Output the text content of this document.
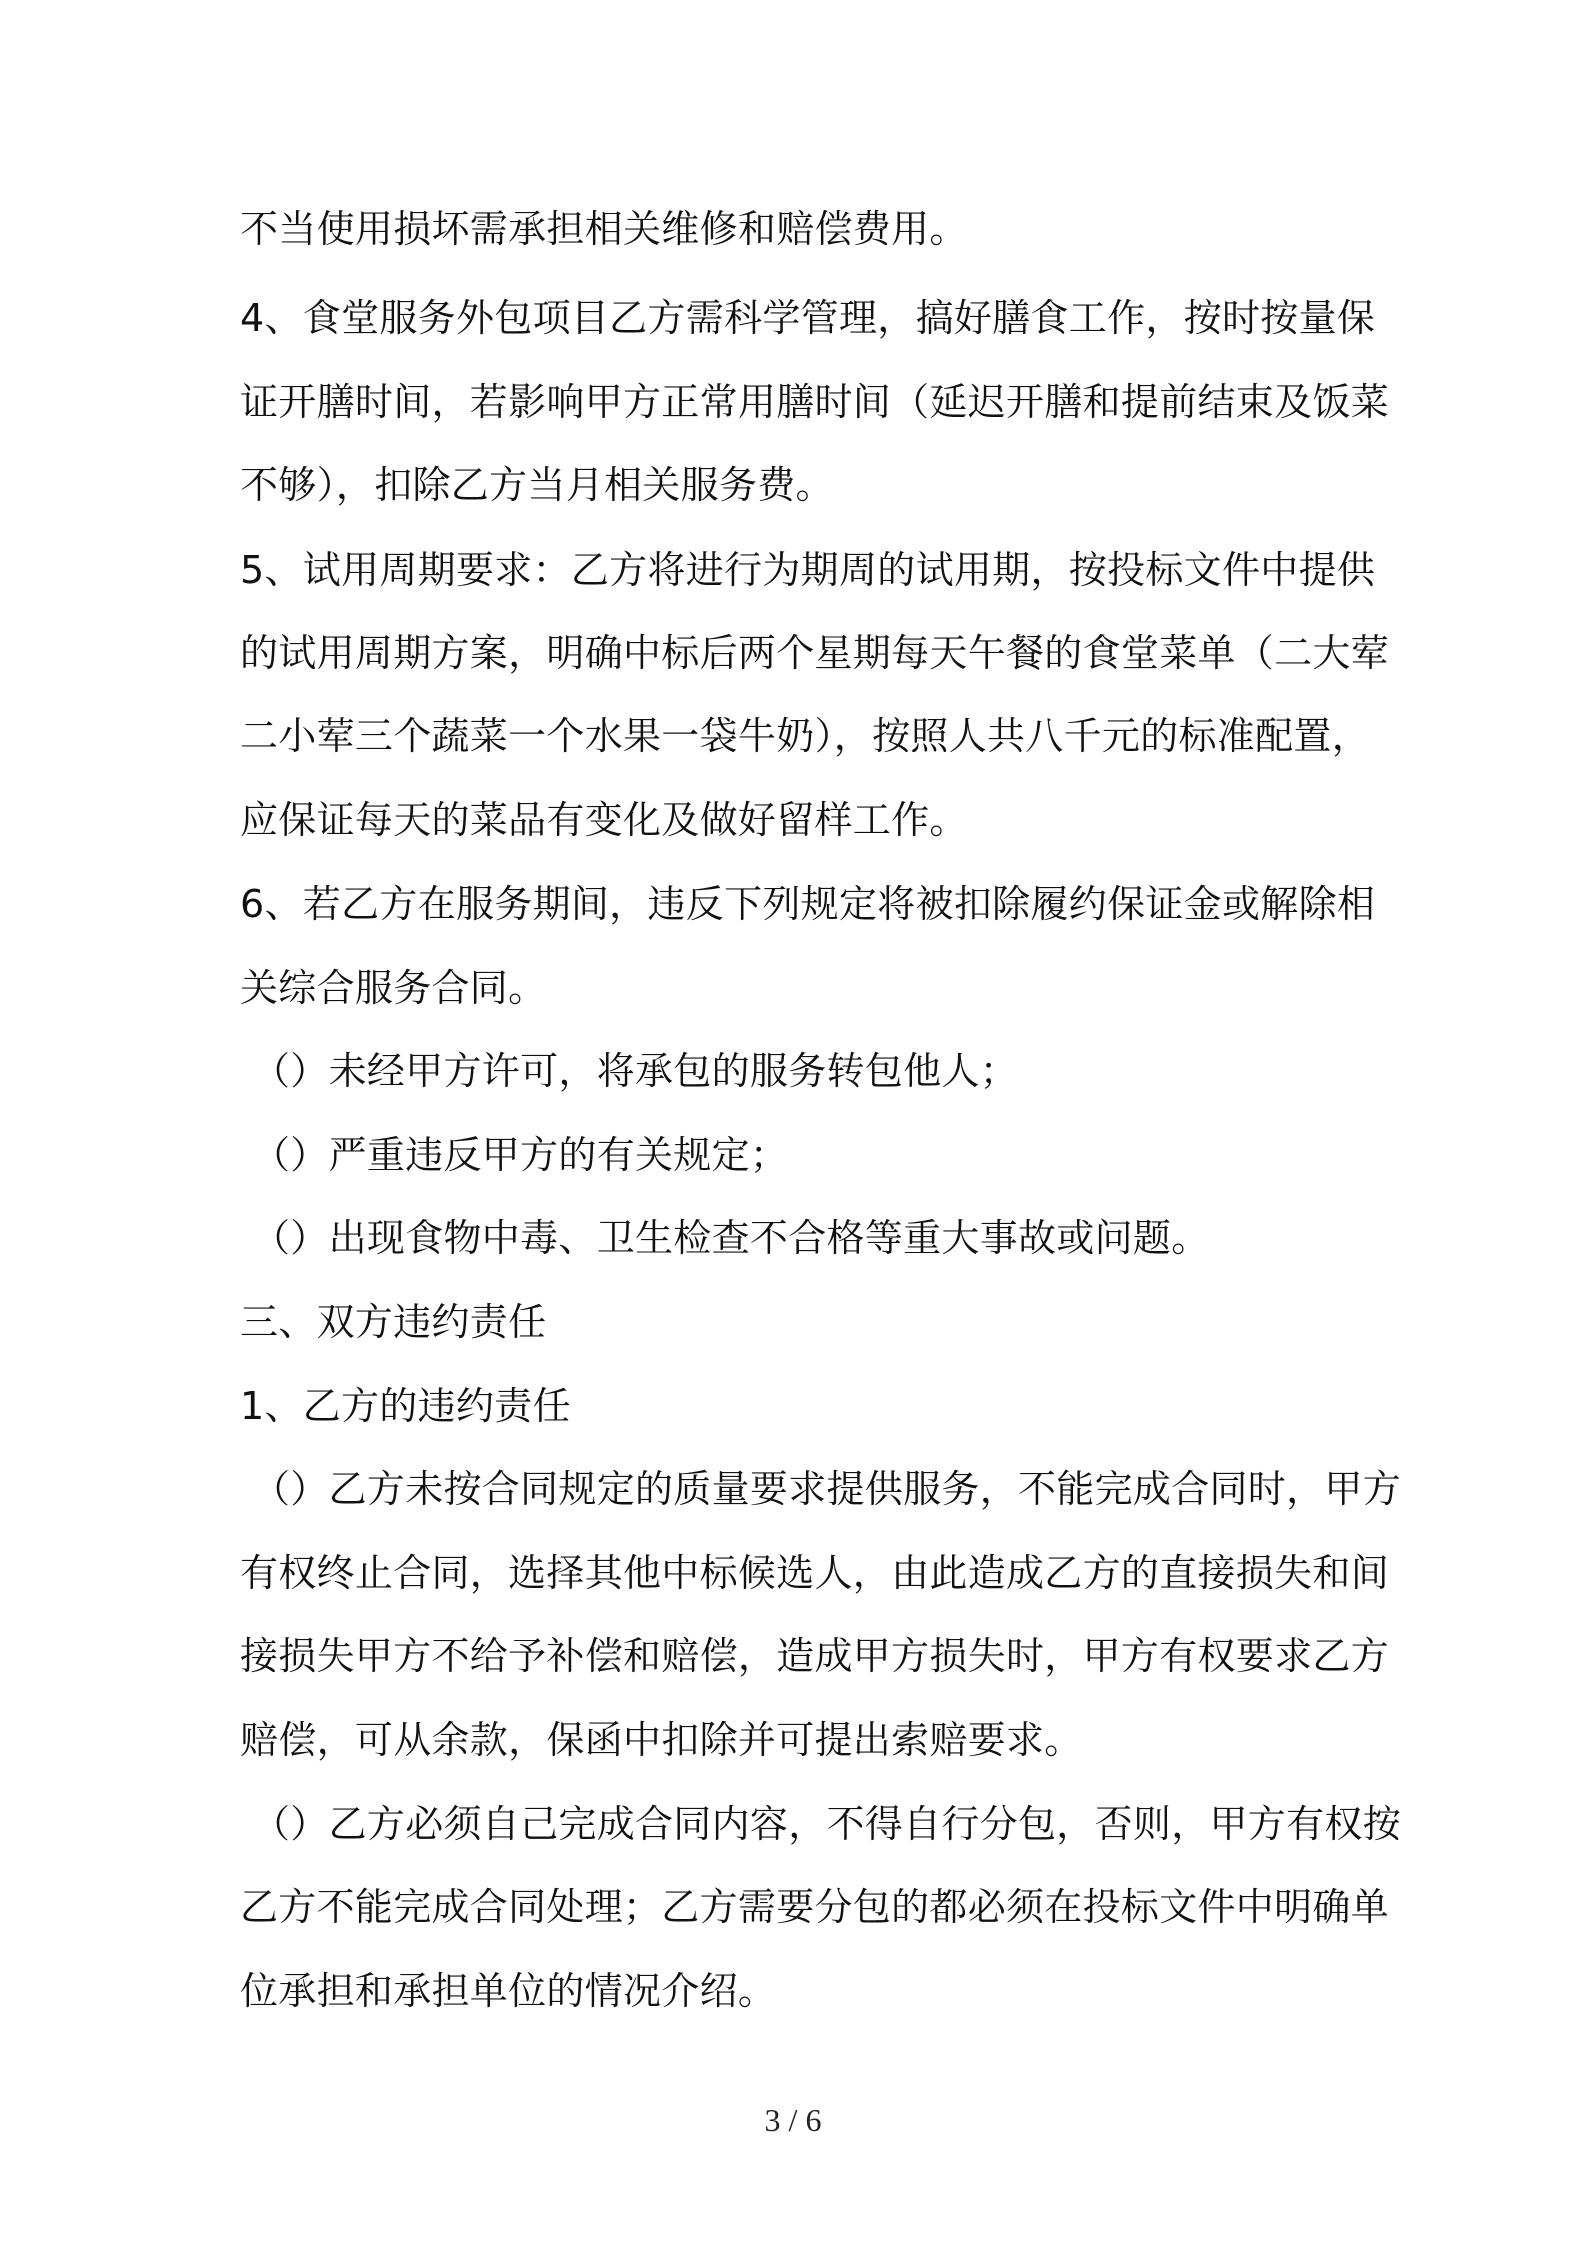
不当使用损坏需承担相关维修和赔偿费用。

4、食堂服务外包项目乙方需科学管理，搞好膳食工作，按时按量保

证开膳时间，若影响甲方正常用膳时间（延迟开膳和提前结束及饭菜

不够），扣除乙方当月相关服务费。

5、试用周期要求：乙方将进行为期周的试用期，按投标文件中提供

的试用周期方案，明确中标后两个星期每天午餐的食堂菜单（二大荤

二小荤三个蔬菜一个水果一袋牛奶），按照人共八千元的标准配置，

应保证每天的菜品有变化及做好留样工作。

6、若乙方在服务期间，违反下列规定将被扣除履约保证金或解除相

关综合服务合同。

（）未经甲方许可，将承包的服务转包他人；

（）严重违反甲方的有关规定；

（）出现食物中毒、卫生检查不合格等重大事故或问题。

三、双方违约责任

1、乙方的违约责任

（）乙方未按合同规定的质量要求提供服务，不能完成合同时，甲方

有权终止合同，选择其他中标候选人，由此造成乙方的直接损失和间

接损失甲方不给予补偿和赔偿，造成甲方损失时，甲方有权要求乙方

赔偿，可从余款，保函中扣除并可提出索赔要求。

（）乙方必须自己完成合同内容，不得自行分包，否则，甲方有权按

乙方不能完成合同处理；乙方需要分包的都必须在投标文件中明确单

位承担和承担单位的情况介绍。

3 / 6
